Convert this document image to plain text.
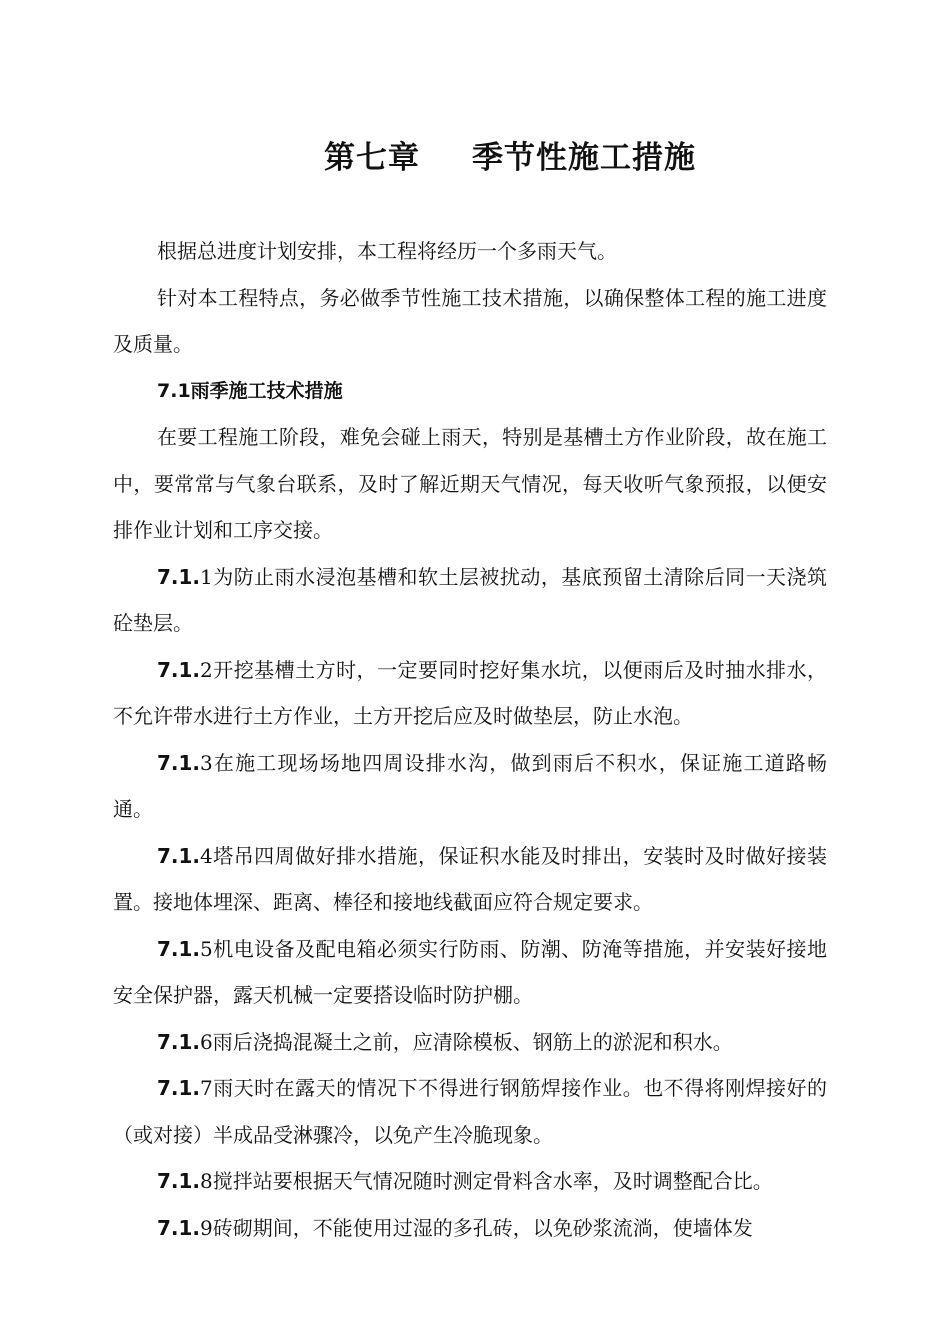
第七章 季节性施工措施

根据总进度计划安排，本工程将经历一个多雨天气。

针对本工程特点，务必做季节性施工技术措施，以确保整体工程的施工进度及质量。

7.1雨季施工技术措施

在要工程施工阶段，难免会碰上雨天，特别是基槽土方作业阶段，故在施工中，要常常与气象台联系，及时了解近期天气情况，每天收听气象预报，以便安排作业计划和工序交接。

7.1.1为防止雨水浸泡基槽和软土层被扰动，基底预留土清除后同一天浇筑砼垫层。

7.1.2开挖基槽土方时，一定要同时挖好集水坑，以便雨后及时抽水排水，不允许带水进行土方作业，土方开挖后应及时做垫层，防止水泡。

7.1.3在施工现场场地四周设排水沟，做到雨后不积水，保证施工道路畅通。

7.1.4塔吊四周做好排水措施，保证积水能及时排出，安装时及时做好接装置。接地体埋深、距离、棒径和接地线截面应符合规定要求。

7.1.5机电设备及配电箱必须实行防雨、防潮、防淹等措施，并安装好接地安全保护器，露天机械一定要搭设临时防护棚。

7.1.6雨后浇捣混凝土之前，应清除模板、钢筋上的淤泥和积水。

7.1.7雨天时在露天的情况下不得进行钢筋焊接作业。也不得将刚焊接好的（或对接）半成品受淋骤冷，以免产生冷脆现象。

7.1.8搅拌站要根据天气情况随时测定骨料含水率，及时调整配合比。

7.1.9砖砌期间，不能使用过湿的多孔砖，以免砂浆流淌，使墙体发
